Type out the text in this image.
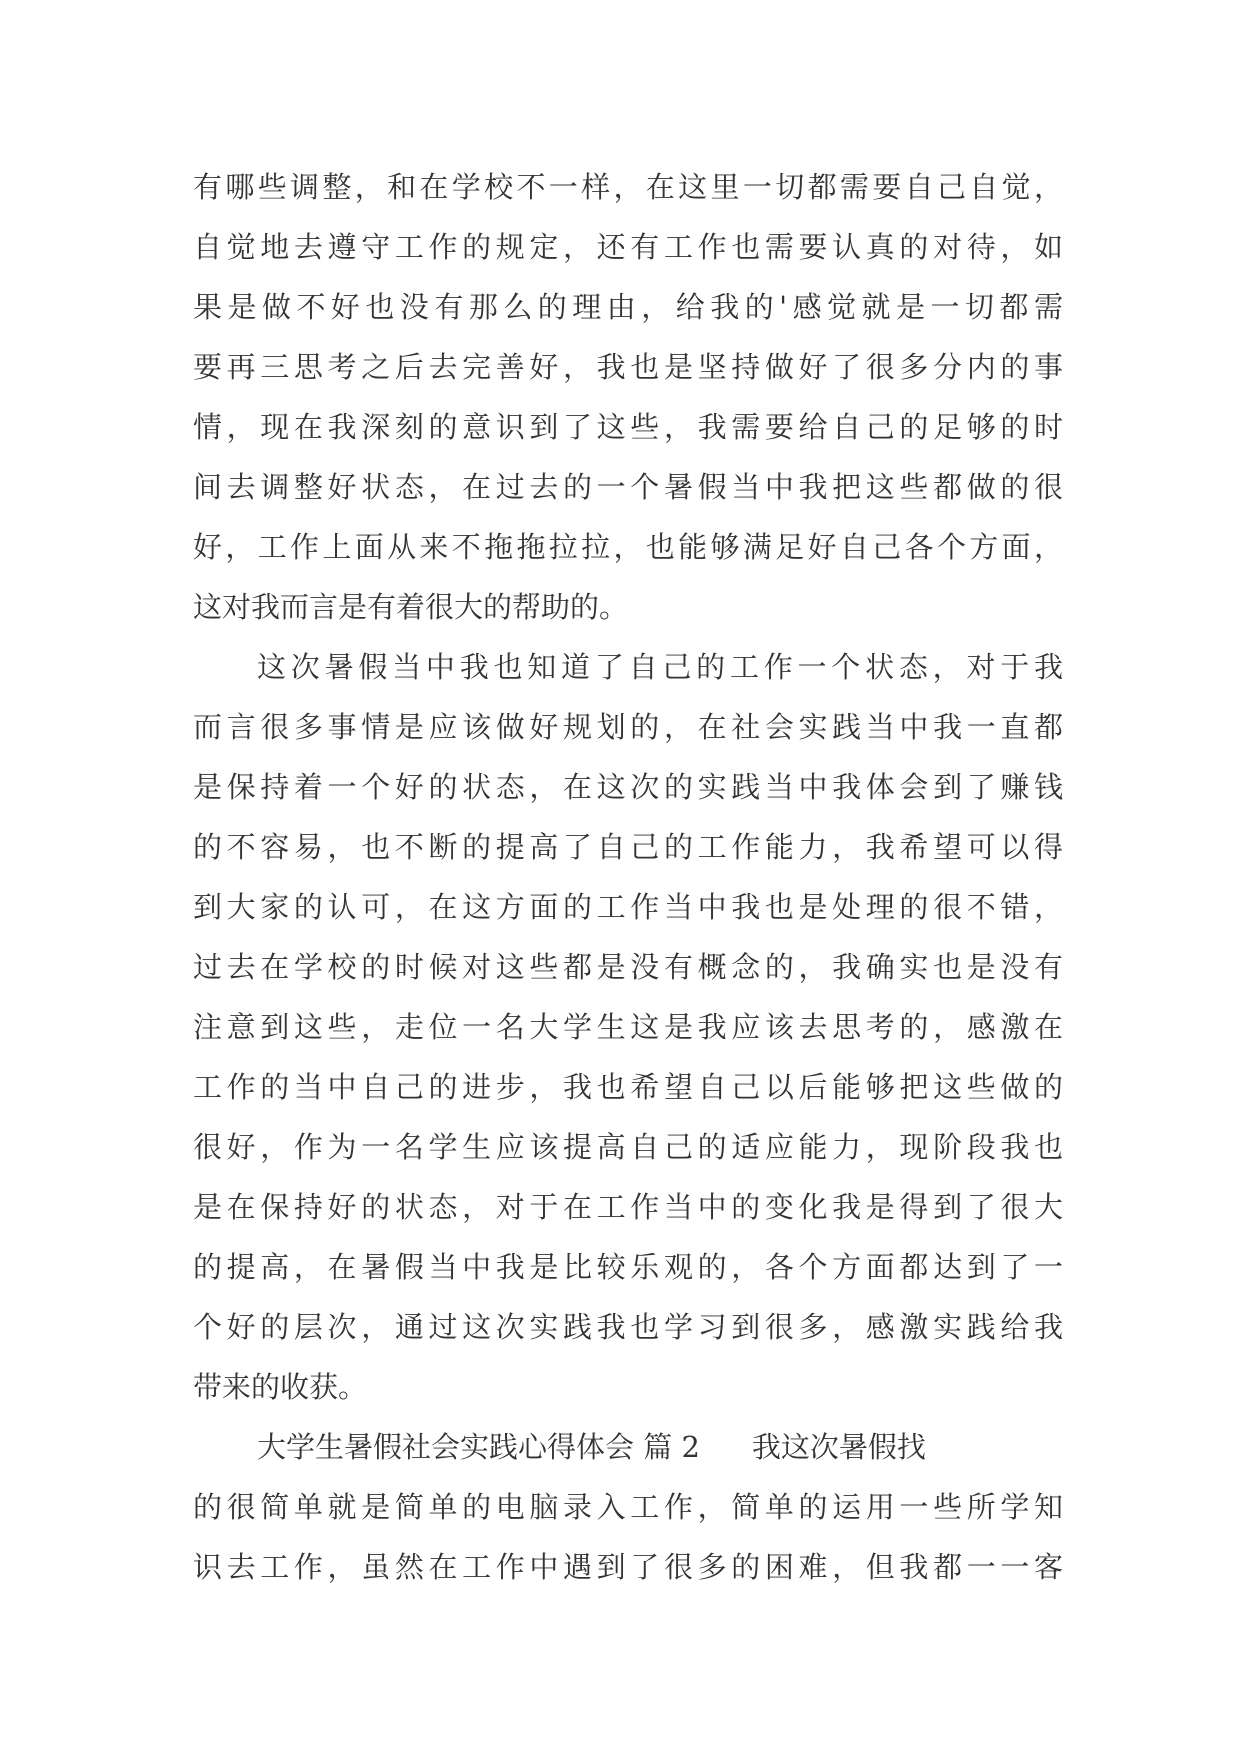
有哪些调整，和在学校不一样，在这里一切都需要自己自觉，
自觉地去遵守工作的规定，还有工作也需要认真的对待，如
果是做不好也没有那么的理由，给我的'感觉就是一切都需
要再三思考之后去完善好，我也是坚持做好了很多分内的事
情，现在我深刻的意识到了这些，我需要给自己的足够的时
间去调整好状态，在过去的一个暑假当中我把这些都做的很
好，工作上面从来不拖拖拉拉，也能够满足好自己各个方面，
这对我而言是有着很大的帮助的。
这次暑假当中我也知道了自己的工作一个状态，对于我
而言很多事情是应该做好规划的，在社会实践当中我一直都
是保持着一个好的状态，在这次的实践当中我体会到了赚钱
的不容易，也不断的提高了自己的工作能力，我希望可以得
到大家的认可，在这方面的工作当中我也是处理的很不错，
过去在学校的时候对这些都是没有概念的，我确实也是没有
注意到这些，走位一名大学生这是我应该去思考的，感激在
工作的当中自己的进步，我也希望自己以后能够把这些做的
很好，作为一名学生应该提高自己的适应能力，现阶段我也
是在保持好的状态，对于在工作当中的变化我是得到了很大
的提高，在暑假当中我是比较乐观的，各个方面都达到了一
个好的层次，通过这次实践我也学习到很多，感激实践给我
带来的收获。
大学生暑假社会实践心得体会 篇 2 我这次暑假找
的很简单就是简单的电脑录入工作，简单的运用一些所学知
识去工作，虽然在工作中遇到了很多的困难，但我都一一客
